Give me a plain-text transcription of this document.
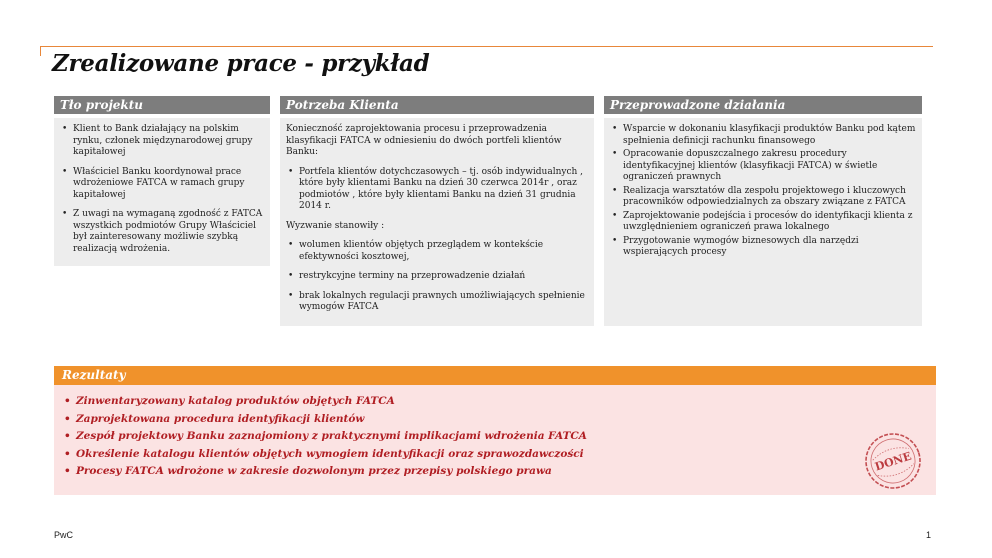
Zrealizowane prace - przykład
Tło projektu
• Klient to Bank działający na polskim rynku, członek międzynarodowej grupy kapitałowej
• Właściciel Banku koordynował prace wdrożeniowe FATCA w ramach grupy kapitałowej
• Z uwagi na wymaganą zgodność z FATCA wszystkich podmiotów Grupy Właściciel był zainteresowany możliwie szybką realizacją wdrożenia.
Potrzeba Klienta

Konieczność zaprojektowania procesu i przeprowadzenia klasyfikacji FATCA w odniesieniu do dwóch portfeli klientów Banku:

• Portfela klientów dotychczasowych – tj. osób indywidualnych , które były klientami Banku na dzień 30 czerwca 2014r , oraz podmiotów , które były klientami Banku na dzień 31 grudnia 2014 r.

Wyzwanie stanowiły :

• wolumen klientów objętych przeglądem w kontekście efektywności kosztowej,
• restrykcyjne terminy na przeprowadzenie działań
• brak lokalnych regulacji prawnych umożliwiających spełnienie wymogów FATCA
Przeprowadzone działania
• Wsparcie w dokonaniu klasyfikacji produktów Banku pod kątem spełnienia definicji rachunku finansowego
• Opracowanie dopuszczalnego zakresu procedury identyfikacyjnej klientów (klasyfikacji FATCA) w świetle ograniczeń prawnych
• Realizacja warsztatów dla zespołu projektowego i kluczowych pracowników odpowiedzialnych za obszary związane z FATCA
• Zaprojektowanie podejścia i procesów do identyfikacji klienta z uwzględnieniem ograniczeń prawa lokalnego
• Przygotowanie wymogów biznesowych dla narzędzi wspierających procesy
Rezultaty
• Zinwentaryzowany katalog produktów objętych FATCA
• Zaprojektowana procedura identyfikacji klientów
• Zespół projektowy Banku zaznajomiony z praktycznymi implikacjami wdrożenia FATCA
• Określenie katalogu klientów objętych wymogiem identyfikacji oraz sprawozdawczości
• Procesy FATCA wdrożone w zakresie dozwolonym przez przepisy polskiego prawa	DONE
PwC	1
